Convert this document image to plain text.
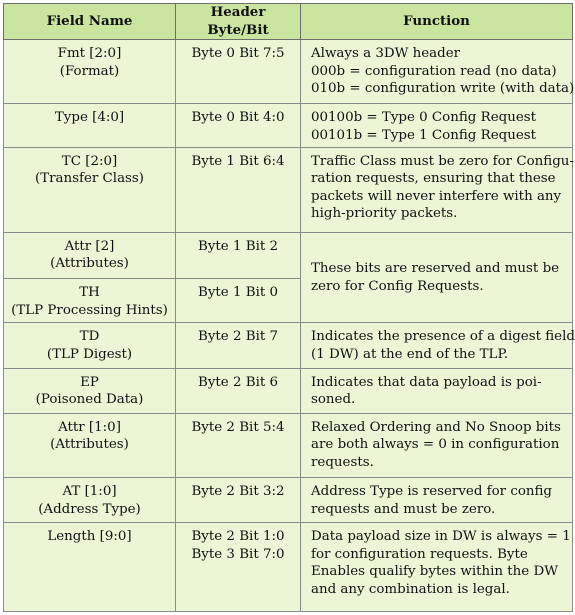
Field Name	Header Byte/Bit	Function

Fmt [2:0]
(Format)	Byte 0 Bit 7:5	Always a 3DW header
000b = configuration read (no data)
010b = configuration write (with data)

Type [4:0]	Byte 0 Bit 4:0	00100b = Type 0 Config Request
00101b = Type 1 Config Request

TC [2:0]
(Transfer Class)	Byte 1 Bit 6:4	Traffic Class must be zero for Configu-
ration requests, ensuring that these
packets will never interfere with any
high-priority packets.

Attr [2]
(Attributes)	Byte 1 Bit 2	These bits are reserved and must be
zero for Config Requests.

TH
(TLP Processing Hints)	Byte 1 Bit 0	

TD
(TLP Digest)	Byte 2 Bit 7	Indicates the presence of a digest field
(1 DW) at the end of the TLP.

EP
(Poisoned Data)	Byte 2 Bit 6	Indicates that data payload is poi-
soned.

Attr [1:0]
(Attributes)	Byte 2 Bit 5:4	Relaxed Ordering and No Snoop bits
are both always = 0 in configuration
requests.

AT [1:0]
(Address Type)	Byte 2 Bit 3:2	Address Type is reserved for config
requests and must be zero.

Length [9:0]	Byte 2 Bit 1:0
Byte 3 Bit 7:0	Data payload size in DW is always = 1
for configuration requests. Byte
Enables qualify bytes within the DW
and any combination is legal.
